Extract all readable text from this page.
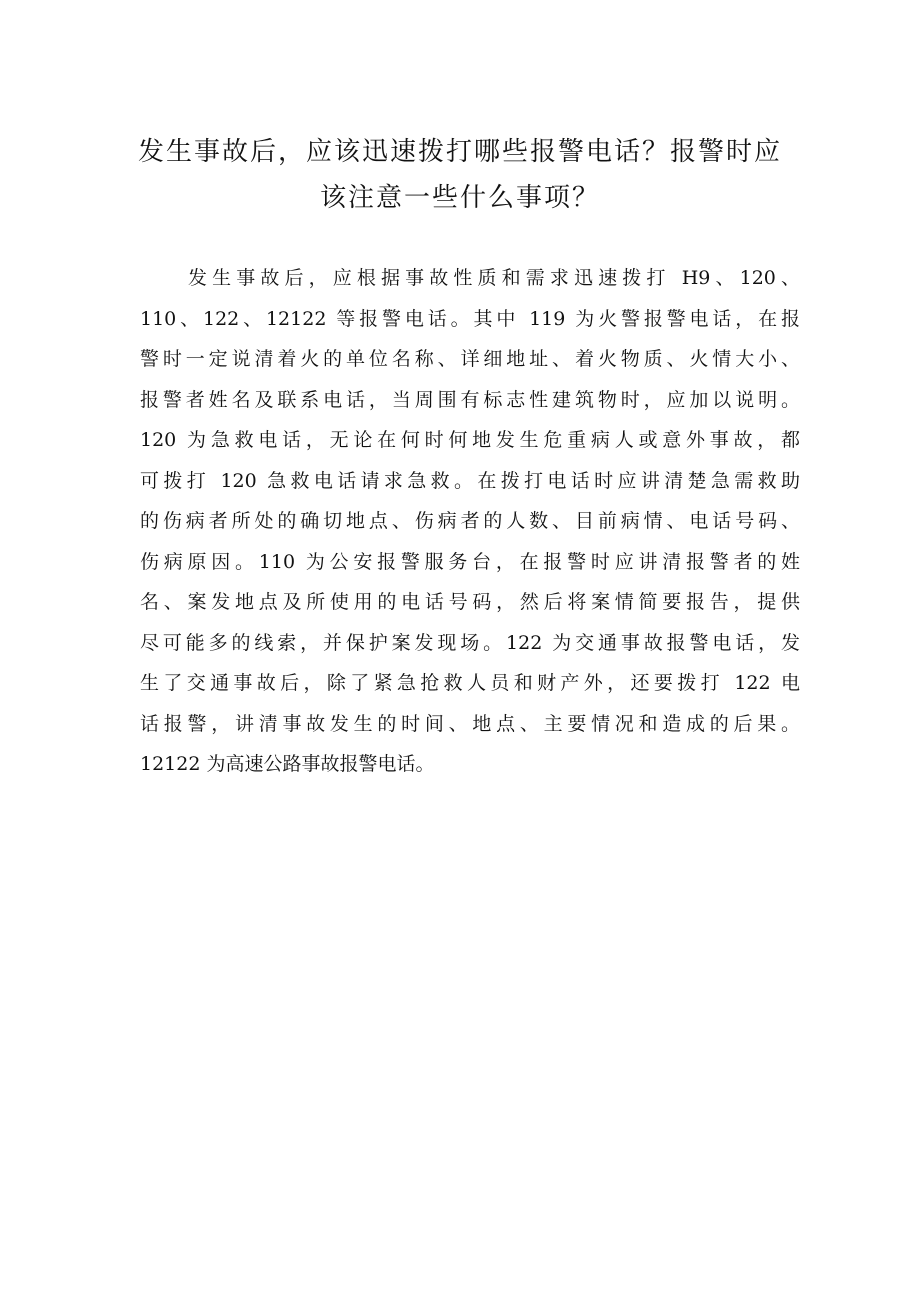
发生事故后，应该迅速拨打哪些报警电话？报警时应
该注意一些什么事项？
发生事故后，应根据事故性质和需求迅速拨打 H9、120、
110、122、12122 等报警电话。其中 119 为火警报警电话，在报
警时一定说清着火的单位名称、详细地址、着火物质、火情大小、
报警者姓名及联系电话，当周围有标志性建筑物时，应加以说明。
120 为急救电话，无论在何时何地发生危重病人或意外事故，都
可拨打 120 急救电话请求急救。在拨打电话时应讲清楚急需救助
的伤病者所处的确切地点、伤病者的人数、目前病情、电话号码、
伤病原因。110 为公安报警服务台，在报警时应讲清报警者的姓
名、案发地点及所使用的电话号码，然后将案情简要报告，提供
尽可能多的线索，并保护案发现场。122 为交通事故报警电话，发
生了交通事故后，除了紧急抢救人员和财产外，还要拨打 122 电
话报警，讲清事故发生的时间、地点、主要情况和造成的后果。
12122 为高速公路事故报警电话。
